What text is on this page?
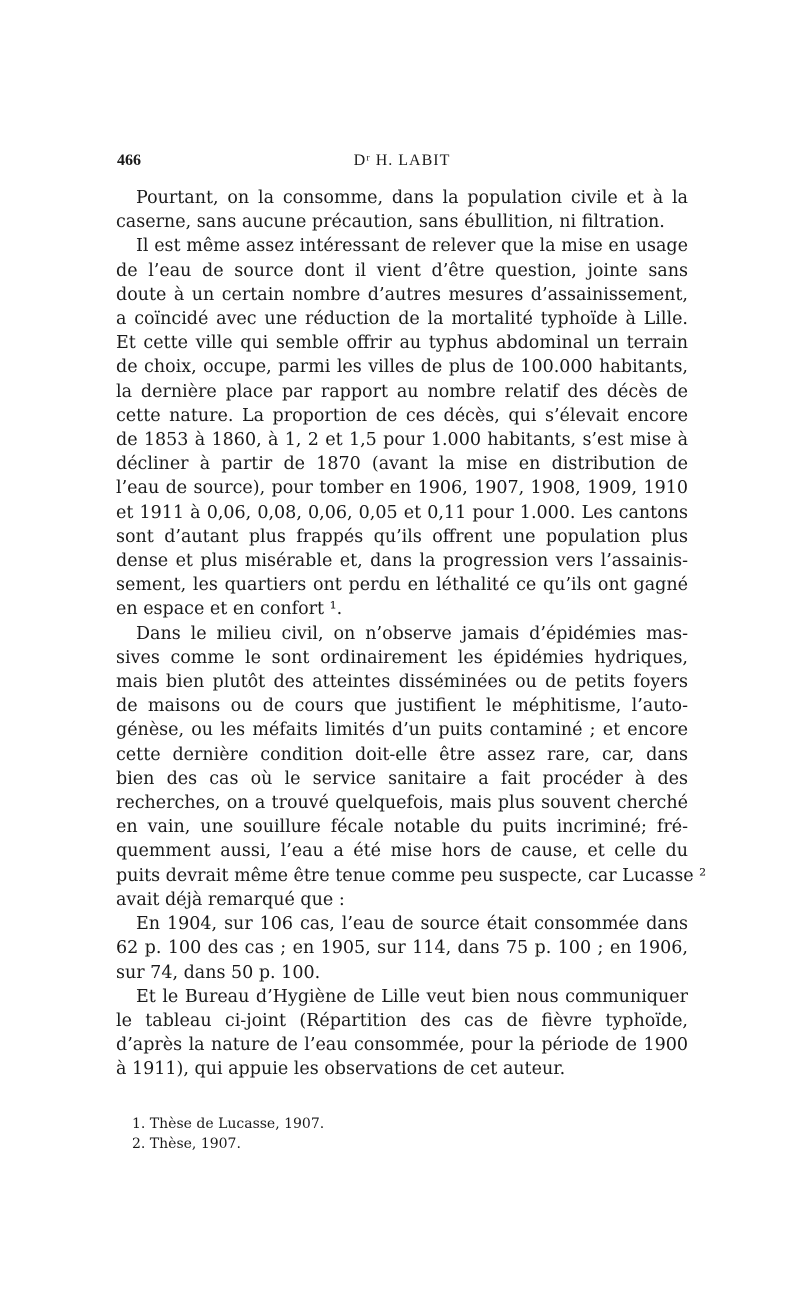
466	Dʳ H. LABIT
Pourtant, on la consomme, dans la population civile et à la
caserne, sans aucune précaution, sans ébullition, ni filtration.
Il est même assez intéressant de relever que la mise en usage
de l’eau de source dont il vient d’être question, jointe sans
doute à un certain nombre d’autres mesures d’assainissement,
a coïncidé avec une réduction de la mortalité typhoïde à Lille.
Et cette ville qui semble offrir au typhus abdominal un terrain
de choix, occupe, parmi les villes de plus de 100.000 habitants,
la dernière place par rapport au nombre relatif des décès de
cette nature. La proportion de ces décès, qui s’élevait encore
de 1853 à 1860, à 1, 2 et 1,5 pour 1.000 habitants, s’est mise à
décliner à partir de 1870 (avant la mise en distribution de
l’eau de source), pour tomber en 1906, 1907, 1908, 1909, 1910
et 1911 à 0,06, 0,08, 0,06, 0,05 et 0,11 pour 1.000. Les cantons
sont d’autant plus frappés qu’ils offrent une population plus
dense et plus misérable et, dans la progression vers l’assainis-
sement, les quartiers ont perdu en léthalité ce qu’ils ont gagné
en espace et en confort ¹.
Dans le milieu civil, on n’observe jamais d’épidémies mas-
sives comme le sont ordinairement les épidémies hydriques,
mais bien plutôt des atteintes disséminées ou de petits foyers
de maisons ou de cours que justifient le méphitisme, l’auto-
génèse, ou les méfaits limités d’un puits contaminé ; et encore
cette dernière condition doit-elle être assez rare, car, dans
bien des cas où le service sanitaire a fait procéder à des
recherches, on a trouvé quelquefois, mais plus souvent cherché
en vain, une souillure fécale notable du puits incriminé; fré-
quemment aussi, l’eau a été mise hors de cause, et celle du
puits devrait même être tenue comme peu suspecte, car Lucasse ²
avait déjà remarqué que :
En 1904, sur 106 cas, l’eau de source était consommée dans
62 p. 100 des cas ; en 1905, sur 114, dans 75 p. 100 ; en 1906,
sur 74, dans 50 p. 100.
Et le Bureau d’Hygiène de Lille veut bien nous communiquer
le tableau ci-joint (Répartition des cas de fièvre typhoïde,
d’après la nature de l’eau consommée, pour la période de 1900
à 1911), qui appuie les observations de cet auteur.
1. Thèse de Lucasse, 1907.
2. Thèse, 1907.
